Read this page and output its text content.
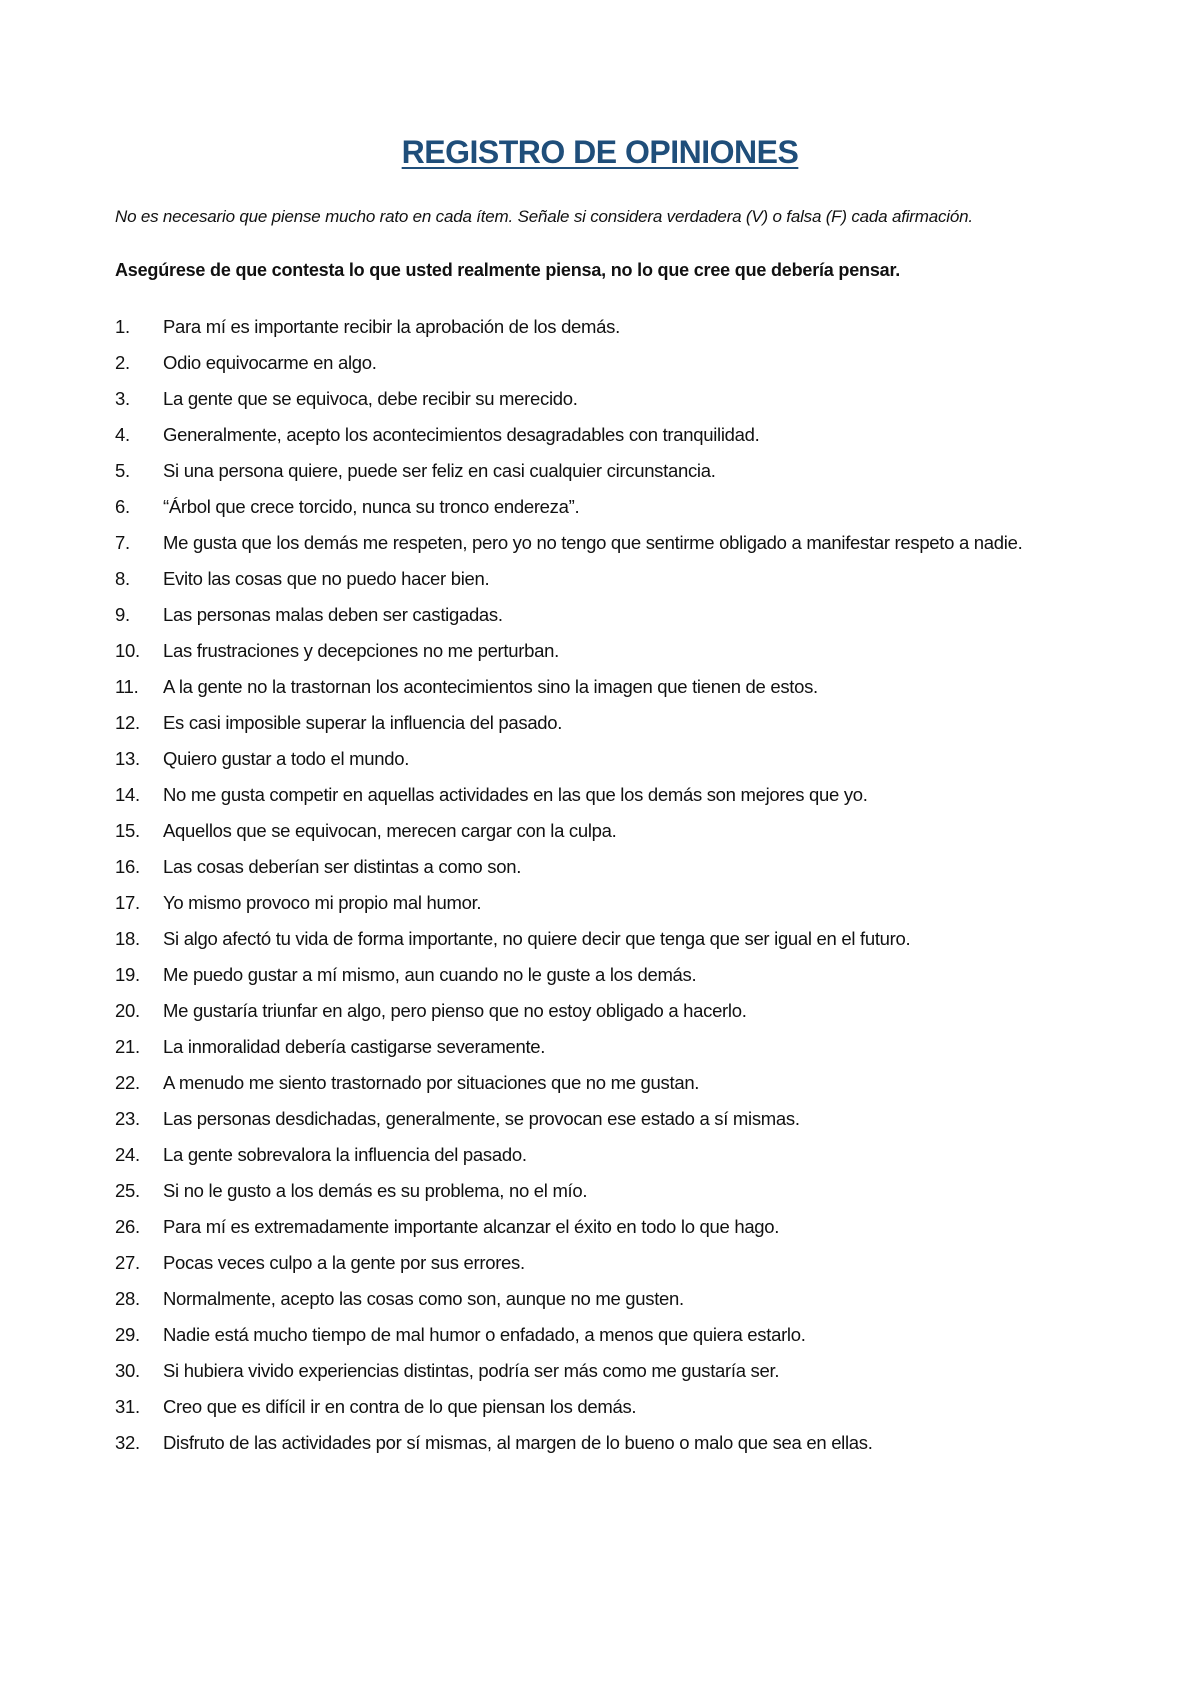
REGISTRO DE OPINIONES

No es necesario que piense mucho rato en cada ítem. Señale si considera verdadera (V) o falsa (F) cada afirmación.

Asegúrese de que contesta lo que usted realmente piensa, no lo que cree que debería pensar.

1.	Para mí es importante recibir la aprobación de los demás.
2.	Odio equivocarme en algo.
3.	La gente que se equivoca, debe recibir su merecido.
4.	Generalmente, acepto los acontecimientos desagradables con tranquilidad.
5.	Si una persona quiere, puede ser feliz en casi cualquier circunstancia.
6.	“Árbol que crece torcido, nunca su tronco endereza”.
7.	Me gusta que los demás me respeten, pero yo no tengo que sentirme obligado a manifestar respeto a nadie.
8.	Evito las cosas que no puedo hacer bien.
9.	Las personas malas deben ser castigadas.
10.	Las frustraciones y decepciones no me perturban.
11.	A la gente no la trastornan los acontecimientos sino la imagen que tienen de estos.
12.	Es casi imposible superar la influencia del pasado.
13.	Quiero gustar a todo el mundo.
14.	No me gusta competir en aquellas actividades en las que los demás son mejores que yo.
15.	Aquellos que se equivocan, merecen cargar con la culpa.
16.	Las cosas deberían ser distintas a como son.
17.	Yo mismo provoco mi propio mal humor.
18.	Si algo afectó tu vida de forma importante, no quiere decir que tenga que ser igual en el futuro.
19.	Me puedo gustar a mí mismo, aun cuando no le guste a los demás.
20.	Me gustaría triunfar en algo, pero pienso que no estoy obligado a hacerlo.
21.	La inmoralidad debería castigarse severamente.
22.	A menudo me siento trastornado por situaciones que no me gustan.
23.	Las personas desdichadas, generalmente, se provocan ese estado a sí mismas.
24.	La gente sobrevalora la influencia del pasado.
25.	Si no le gusto a los demás es su problema, no el mío.
26.	Para mí es extremadamente importante alcanzar el éxito en todo lo que hago.
27.	Pocas veces culpo a la gente por sus errores.
28.	Normalmente, acepto las cosas como son, aunque no me gusten.
29.	Nadie está mucho tiempo de mal humor o enfadado, a menos que quiera estarlo.
30.	Si hubiera vivido experiencias distintas, podría ser más como me gustaría ser.
31.	Creo que es difícil ir en contra de lo que piensan los demás.
32.	Disfruto de las actividades por sí mismas, al margen de lo bueno o malo que sea en ellas.
